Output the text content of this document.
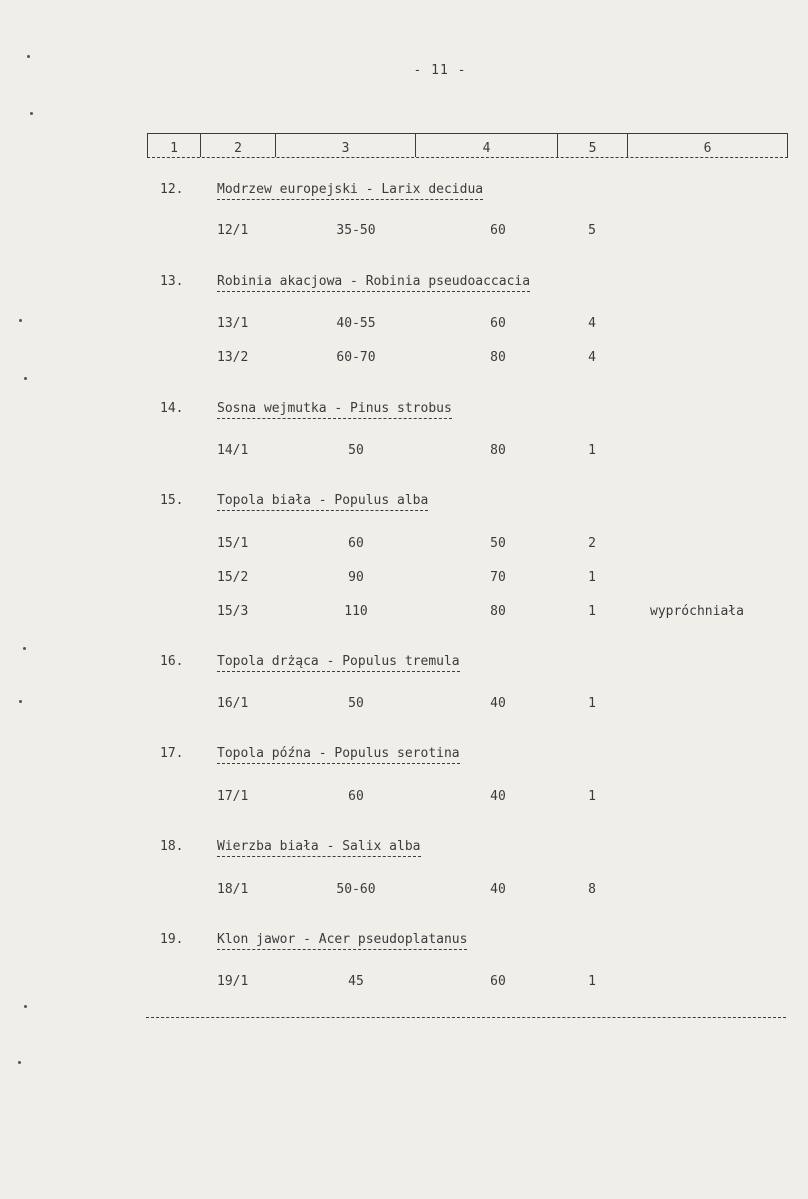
- 11 -
1	2	3	4	5	6
12.	Modrzew europejski - Larix decidua
12/1	35-50	60	5
13.	Robinia akacjowa - Robinia pseudoaccacia
13/1	40-55	60	4
13/2	60-70	80	4
14.	Sosna wejmutka - Pinus strobus
14/1	50	80	1
15.	Topola biała - Populus alba
15/1	60	50	2
15/2	90	70	1
15/3	110	80	1	wypróchniała
16.	Topola drżąca - Populus tremula
16/1	50	40	1
17.	Topola późna - Populus serotina
17/1	60	40	1
18.	Wierzba biała - Salix alba
18/1	50-60	40	8
19.	Klon jawor - Acer pseudoplatanus
19/1	45	60	1
